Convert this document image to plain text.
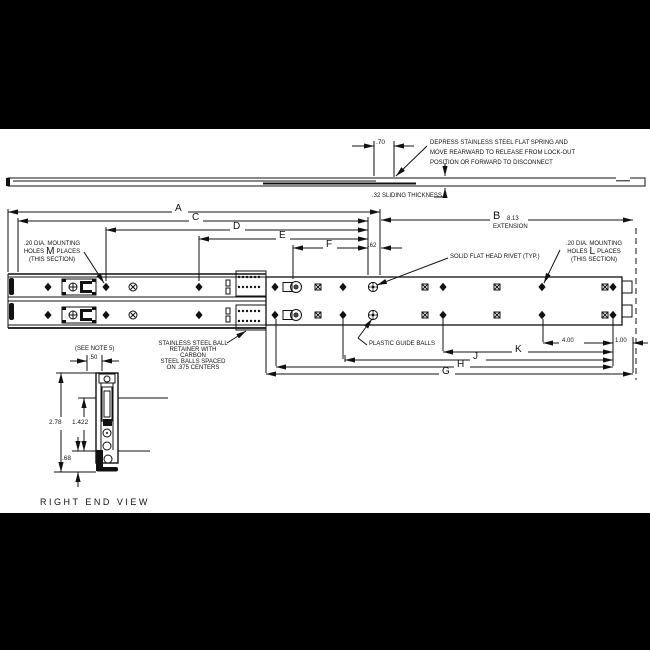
DEPRESS STAINLESS STEEL FLAT SPRING AND
MOVE REARWARD TO RELEASE FROM LOCK-OUT
POSITION OR FORWARD TO DISCONNECT
.70
.32 SLIDING THICKNESS
A
C
D
E
F	.62
B 8.13
EXTENSION
.20 DIA. MOUNTING
HOLES M PLACES
(THIS SECTION)
.20 DIA. MOUNTING
HOLES L PLACES
(THIS SECTION)
SOLID FLAT HEAD RIVET (TYP.)
STAINLESS STEEL BALL
RETAINER WITH CARBON
STEEL BALLS SPACED
ON .375 CENTERS
PLASTIC GUIDE BALLS	4.00	1.00
K
J
H
G
(SEE NOTE 5)
.50
2.78 1.422
.68
RIGHT END VIEW
